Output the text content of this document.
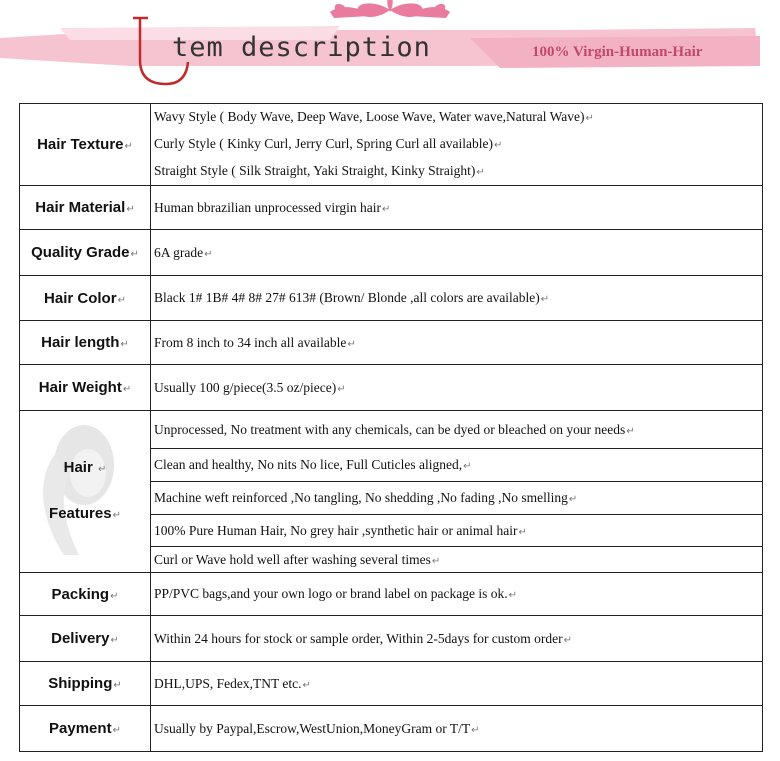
tem description	100% Virgin-Human-Hair
Hair Texture↵	Wavy Style ( Body Wave, Deep Wave, Loose Wave, Water wave,Natural Wave)↵
Curly Style ( Kinky Curl, Jerry Curl, Spring Curl all available)↵
Straight Style ( Silk Straight, Yaki Straight, Kinky Straight)↵

Hair Material↵	Human bbrazilian unprocessed virgin hair↵
Quality Grade↵	6A grade↵
Hair Color↵	Black 1# 1B# 4# 8# 27# 613# (Brown/ Blonde ,all colors are available)↵
Hair length↵	From 8 inch to 34 inch all available↵
Hair Weight↵	Usually 100 g/piece(3.5 oz/piece)↵

Hair ↵
Features↵	Unprocessed, No treatment with any chemicals, can be dyed or bleached on your needs↵
	Clean and healthy, No nits No lice, Full Cuticles aligned,↵
	Machine weft reinforced ,No tangling, No shedding ,No fading ,No smelling↵
	100% Pure Human Hair, No grey hair ,synthetic hair or animal hair↵
	Curl or Wave hold well after washing several times↵
Packing↵	PP/PVC bags,and your own logo or brand label on package is ok.↵
Delivery↵	Within 24 hours for stock or sample order, Within 2-5days for custom order↵
Shipping↵	DHL,UPS, Fedex,TNT etc.↵
Payment↵	Usually by Paypal,Escrow,WestUnion,MoneyGram or T/T↵
